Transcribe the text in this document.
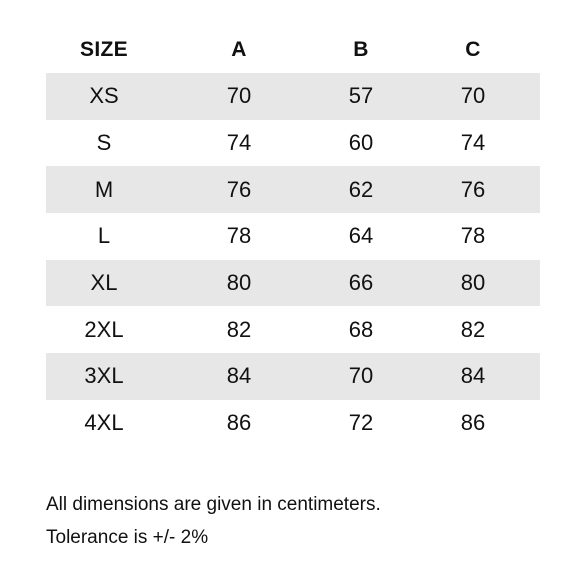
SIZE	A	B	C
XS	70	57	70
S	74	60	74
M	76	62	76
L	78	64	78
XL	80	66	80
2XL	82	68	82
3XL	84	70	84
4XL	86	72	86

All dimensions are given in centimeters.

Tolerance is +/- 2%
